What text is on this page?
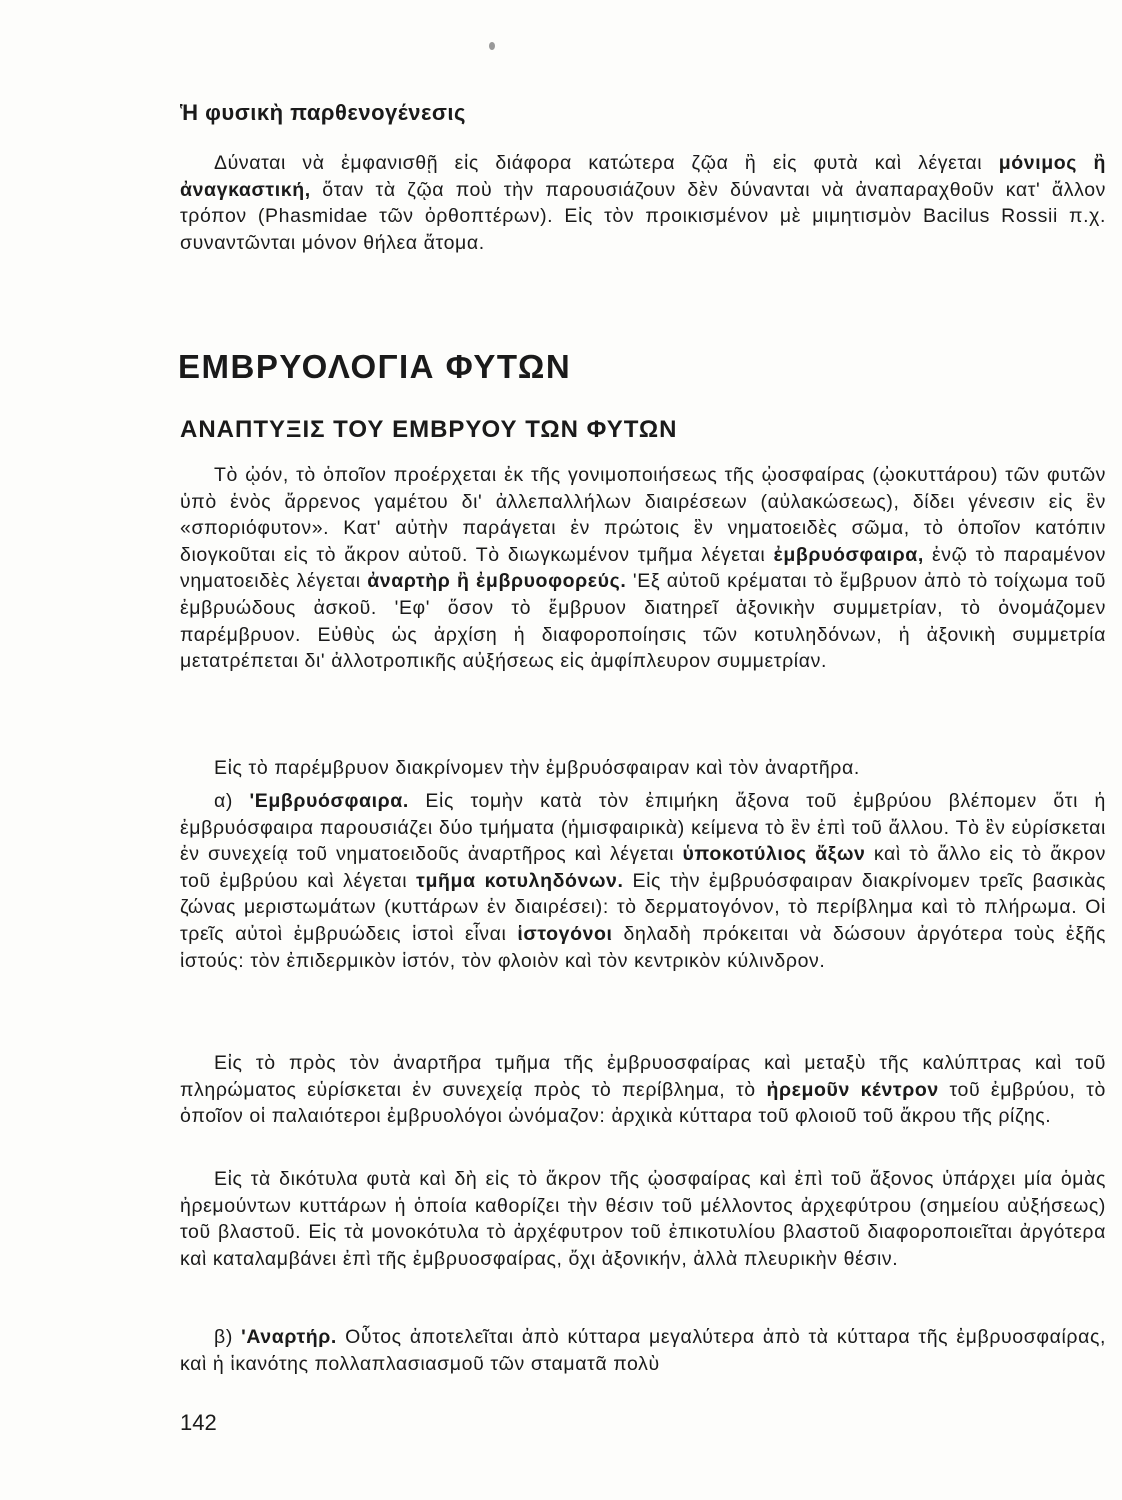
Ἡ φυσικὴ παρθενογένεσις

Δύναται νὰ ἐμφανισθῇ εἰς διάφορα κατώτερα ζῷα ἢ εἰς φυτὰ καὶ λέγεται μόνιμος ἢ ἀναγκαστική, ὅταν τὰ ζῷα ποὺ τὴν παρουσιάζουν δὲν δύνανται νὰ ἀναπαραχθοῦν κατ' ἄλλον τρόπον (Phasmidae τῶν ὀρθοπτέρων). Εἰς τὸν προικισμένον μὲ μιμητισμὸν Bacilus Rossii π.χ. συναντῶνται μόνον θήλεα ἄτομα.

ΕΜΒΡΥΟΛΟΓΙΑ ΦΥΤΩΝ
ΑΝΑΠΤΥΞΙΣ ΤΟΥ ΕΜΒΡΥΟΥ ΤΩΝ ΦΥΤΩΝ

Τὸ ᾠόν, τὸ ὁποῖον προέρχεται ἐκ τῆς γονιμοποιήσεως τῆς ᾠοσφαίρας (ᾠοκυττάρου) τῶν φυτῶν ὑπὸ ἑνὸς ἄρρενος γαμέτου δι' ἀλλεπαλλήλων διαιρέσεων (αὐλακώσεως), δίδει γένεσιν εἰς ἓν «σποριόφυτον». Κατ' αὐτὴν παράγεται ἐν πρώτοις ἓν νηματοειδὲς σῶμα, τὸ ὁποῖον κατόπιν διογκοῦται εἰς τὸ ἄκρον αὐτοῦ. Τὸ διωγκωμένον τμῆμα λέγεται ἐμβρυόσφαιρα, ἐνῷ τὸ παραμένον νηματοειδὲς λέγεται ἀναρτὴρ ἢ ἐμβρυοφορεύς. 'Εξ αὐτοῦ κρέμαται τὸ ἔμβρυον ἀπὸ τὸ τοίχωμα τοῦ ἐμβρυώδους ἀσκοῦ. 'Εφ' ὅσον τὸ ἔμβρυον διατηρεῖ ἀξονικὴν συμμετρίαν, τὸ ὀνομάζομεν παρέμβρυον. Εὐθὺς ὡς ἀρχίση ἡ διαφοροποίησις τῶν κοτυληδόνων, ἡ ἀξονικὴ συμμετρία μετατρέπεται δι' ἀλλοτροπικῆς αὐξήσεως εἰς ἀμφίπλευρον συμμετρίαν.

Εἰς τὸ παρέμβρυον διακρίνομεν τὴν ἐμβρυόσφαιραν καὶ τὸν ἀναρτῆρα.

α) 'Εμβρυόσφαιρα. Εἰς τομὴν κατὰ τὸν ἐπιμήκη ἄξονα τοῦ ἐμβρύου βλέπομεν ὅτι ἡ ἐμβρυόσφαιρα παρουσιάζει δύο τμήματα (ἡμισφαιρικὰ) κείμενα τὸ ἓν ἐπὶ τοῦ ἄλλου. Τὸ ἓν εὑρίσκεται ἐν συνεχείᾳ τοῦ νηματοειδοῦς ἀναρτῆρος καὶ λέγεται ὑποκοτύλιος ἄξων καὶ τὸ ἄλλο εἰς τὸ ἄκρον τοῦ ἐμβρύου καὶ λέγεται τμῆμα κοτυληδόνων. Εἰς τὴν ἐμβρυόσφαιραν διακρίνομεν τρεῖς βασικὰς ζώνας μεριστωμάτων (κυττάρων ἐν διαιρέσει): τὸ δερματογόνον, τὸ περίβλημα καὶ τὸ πλήρωμα. Οἱ τρεῖς αὐτοὶ ἐμβρυώδεις ἱστοὶ εἶναι ἱστογόνοι δηλαδὴ πρόκειται νὰ δώσουν ἀργότερα τοὺς ἑξῆς ἱστούς: τὸν ἐπιδερμικὸν ἱστόν, τὸν φλοιὸν καὶ τὸν κεντρικὸν κύλινδρον.

Εἰς τὸ πρὸς τὸν ἀναρτῆρα τμῆμα τῆς ἐμβρυοσφαίρας καὶ μεταξὺ τῆς καλύπτρας καὶ τοῦ πληρώματος εὑρίσκεται ἐν συνεχείᾳ πρὸς τὸ περίβλημα, τὸ ἠρεμοῦν κέντρον τοῦ ἐμβρύου, τὸ ὁποῖον οἱ παλαιότεροι ἐμβρυολόγοι ὠνόμαζον: ἀρχικὰ κύτταρα τοῦ φλοιοῦ τοῦ ἄκρου τῆς ρίζης.

Εἰς τὰ δικότυλα φυτὰ καὶ δὴ εἰς τὸ ἄκρον τῆς ᾠοσφαίρας καὶ ἐπὶ τοῦ ἄξονος ὑπάρχει μία ὁμὰς ἠρεμούντων κυττάρων ἡ ὁποία καθορίζει τὴν θέσιν τοῦ μέλλοντος ἀρχεφύτρου (σημείου αὐξήσεως) τοῦ βλαστοῦ. Εἰς τὰ μονοκότυλα τὸ ἀρχέφυτρον τοῦ ἐπικοτυλίου βλαστοῦ διαφοροποιεῖται ἀργότερα καὶ καταλαμβάνει ἐπὶ τῆς ἐμβρυοσφαίρας, ὄχι ἀξονικήν, ἀλλὰ πλευρικὴν θέσιν.

β) 'Αναρτήρ. Οὗτος ἀποτελεῖται ἀπὸ κύτταρα μεγαλύτερα ἀπὸ τὰ κύτταρα τῆς ἐμβρυοσφαίρας, καὶ ἡ ἱκανότης πολλαπλασιασμοῦ τῶν σταματᾶ πολὺ

142
